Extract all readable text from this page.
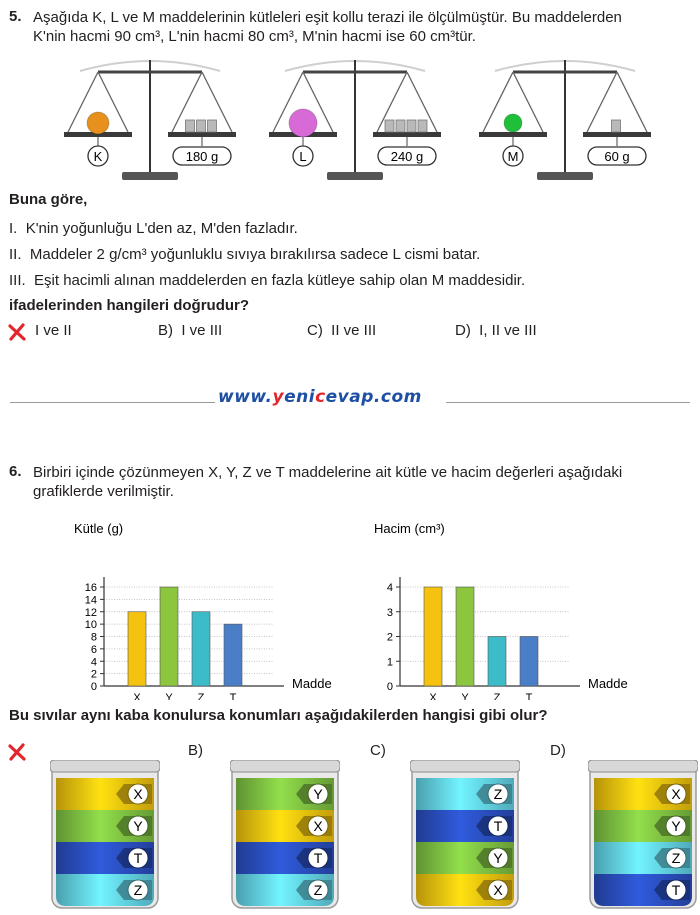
5. Aşağıda K, L ve M maddelerinin kütleleri eşit kollu terazi ile ölçülmüştür. Bu maddelerden
K'nin hacmi 90 cm³, L'nin hacmi 80 cm³, M'nin hacmi ise 60 cm³tür.
K	180 g	L	240 g	M	60 g
Buna göre,
I. K'nin yoğunluğu L'den az, M'den fazladır.
II. Maddeler 2 g/cm³ yoğunluklu sıvıya bırakılırsa sadece L cismi batar.
III. Eşit hacimli alınan maddelerden en fazla kütleye sahip olan M maddesidir.
ifadelerinden hangileri doğrudur?
I ve II	B) I ve III	C) II ve III	D) I, II ve III
www.yenicevap.com
6. Birbiri içinde çözünmeyen X, Y, Z ve T maddelerine ait kütle ve hacim değerleri aşağıdaki
grafiklerde verilmiştir.
Kütle (g)
0
2
4
6
8
10
12
14
16
X Y Z T
Madde
Hacim (cm³)
0
1
2
3
4
X Y Z T
Madde
Bu sıvılar aynı kaba konulursa konumları aşağıdakilerden hangisi gibi olur?
B)	C)	D)
X
Y
T
Z
Y
X
T
Z
Z
T
Y
X
X
Y
Z
T
